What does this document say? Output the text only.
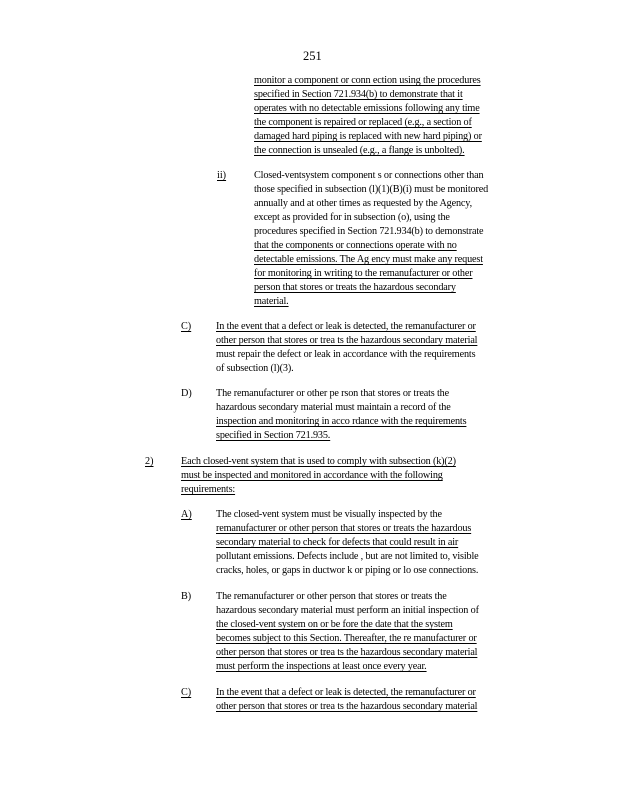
251
monitor a component or conn ection using the procedures
specified in Section 721.934(b) to demonstrate that it
operates with no detectable emissions following any time
the component is repaired or replaced (e.g., a section of
damaged hard piping is replaced with new hard piping) or
the connection is unsealed (e.g., a flange is unbolted).
ii)	Closed-ventsystem component s or connections other than
those specified in subsection (l)(1)(B)(i) must be monitored
annually and at other times as requested by the Agency,
except as provided for in subsection (o), using the
procedures specified in Section 721.934(b) to demonstrate
that the components or connections operate with no
detectable emissions. The Ag ency must make any request
for monitoring in writing to the remanufacturer or other
person that stores or treats the hazardous secondary
material.
C) In the event that a defect or leak is detected, the remanufacturer or
other person that stores or trea ts the hazardous secondary material
must repair the defect or leak in accordance with the requirements
of subsection (l)(3).
D) The remanufacturer or other pe rson that stores or treats the
hazardous secondary material must maintain a record of the
inspection and monitoring in acco rdance with the requirements
specified in Section 721.935.
2)	Each closed-vent system that is used to comply with subsection (k)(2)
must be inspected and monitored in accordance with the following
requirements:
A) The closed-vent system must be visually inspected by the
remanufacturer or other person that stores or treats the hazardous
secondary material to check for defects that could result in air
pollutant emissions. Defects include , but are not limited to, visible
cracks, holes, or gaps in ductwor k or piping or lo ose connections.
B) The remanufacturer or other person that stores or treats the
hazardous secondary material must perform an initial inspection of
the closed-vent system on or be fore the date that the system
becomes subject to this Section. Thereafter, the re manufacturer or
other person that stores or trea ts the hazardous secondary material
must perform the inspections at least once every year.
C) In the event that a defect or leak is detected, the remanufacturer or
other person that stores or trea ts the hazardous secondary material
